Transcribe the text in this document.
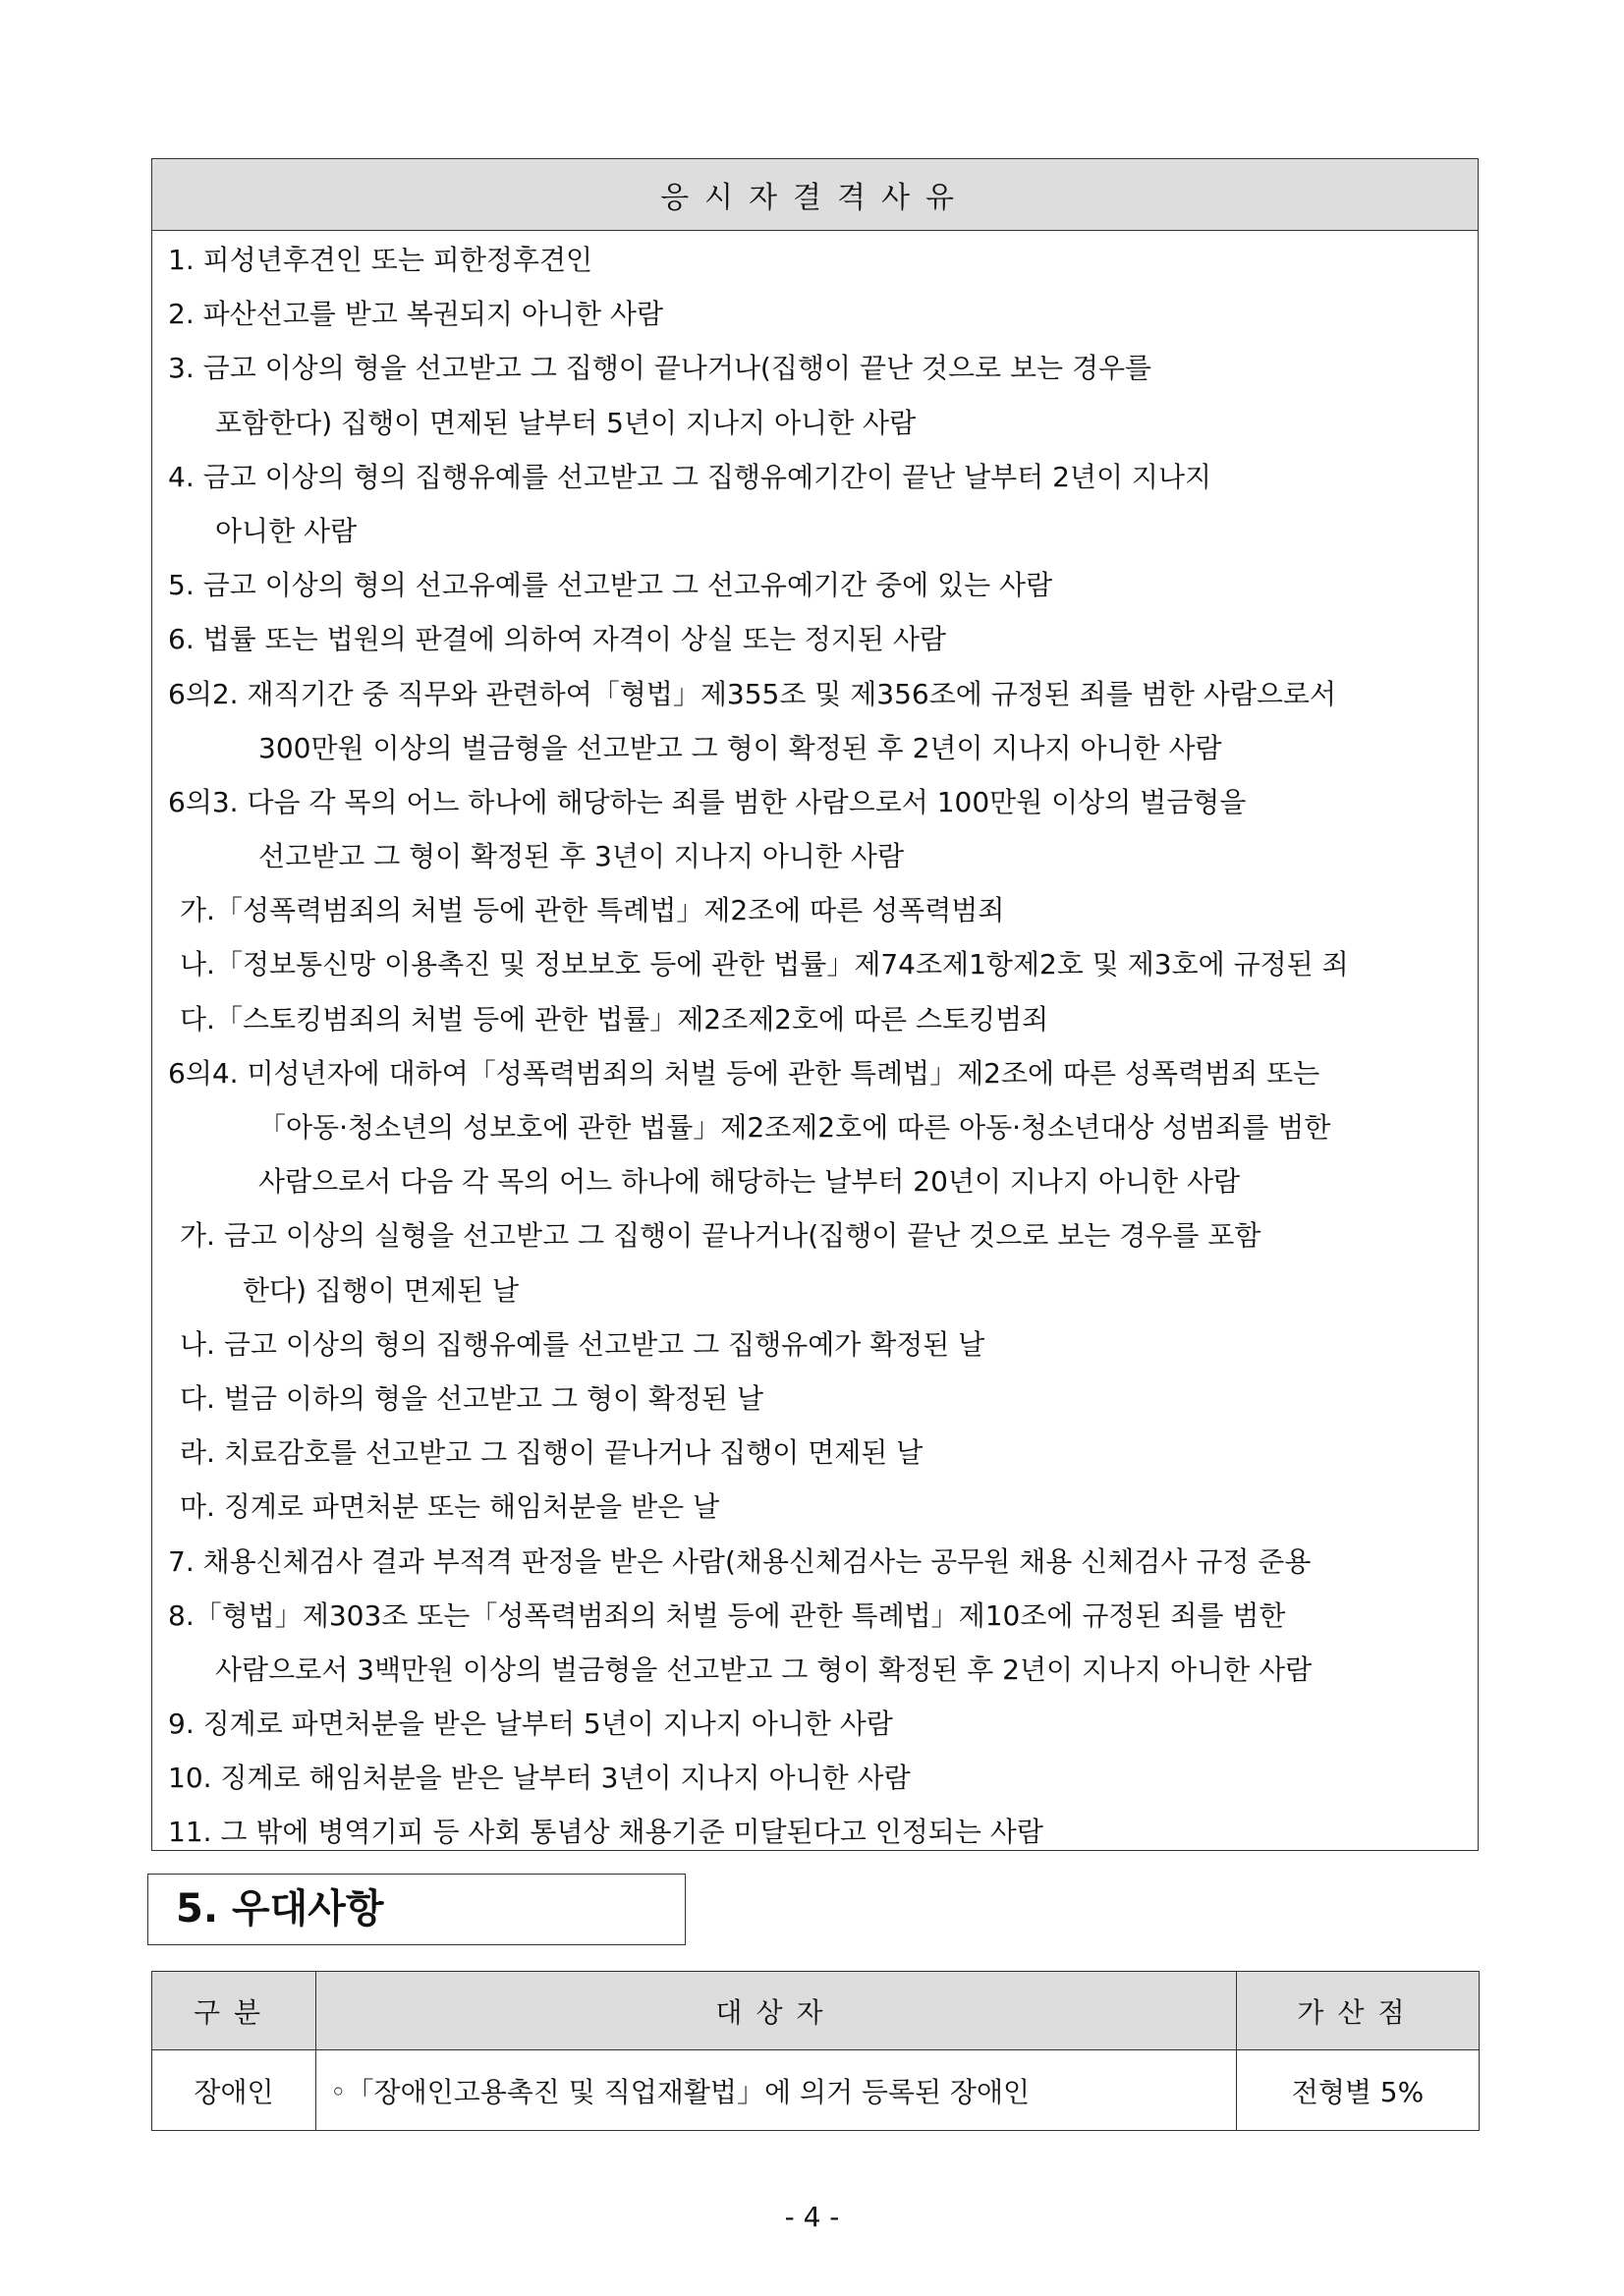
응시자결격사유
1. 피성년후견인 또는 피한정후견인
2. 파산선고를 받고 복권되지 아니한 사람
3. 금고 이상의 형을 선고받고 그 집행이 끝나거나(집행이 끝난 것으로 보는 경우를
포함한다) 집행이 면제된 날부터 5년이 지나지 아니한 사람
4. 금고 이상의 형의 집행유예를 선고받고 그 집행유예기간이 끝난 날부터 2년이 지나지
아니한 사람
5. 금고 이상의 형의 선고유예를 선고받고 그 선고유예기간 중에 있는 사람
6. 법률 또는 법원의 판결에 의하여 자격이 상실 또는 정지된 사람
6의2. 재직기간 중 직무와 관련하여「형법」제355조 및 제356조에 규정된 죄를 범한 사람으로서
300만원 이상의 벌금형을 선고받고 그 형이 확정된 후 2년이 지나지 아니한 사람
6의3. 다음 각 목의 어느 하나에 해당하는 죄를 범한 사람으로서 100만원 이상의 벌금형을
선고받고 그 형이 확정된 후 3년이 지나지 아니한 사람
가.「성폭력범죄의 처벌 등에 관한 특례법」제2조에 따른 성폭력범죄
나.「정보통신망 이용촉진 및 정보보호 등에 관한 법률」제74조제1항제2호 및 제3호에 규정된 죄
다.「스토킹범죄의 처벌 등에 관한 법률」제2조제2호에 따른 스토킹범죄
6의4. 미성년자에 대하여「성폭력범죄의 처벌 등에 관한 특례법」제2조에 따른 성폭력범죄 또는
「아동·청소년의 성보호에 관한 법률」제2조제2호에 따른 아동·청소년대상 성범죄를 범한
사람으로서 다음 각 목의 어느 하나에 해당하는 날부터 20년이 지나지 아니한 사람
가. 금고 이상의 실형을 선고받고 그 집행이 끝나거나(집행이 끝난 것으로 보는 경우를 포함
한다) 집행이 면제된 날
나. 금고 이상의 형의 집행유예를 선고받고 그 집행유예가 확정된 날
다. 벌금 이하의 형을 선고받고 그 형이 확정된 날
라. 치료감호를 선고받고 그 집행이 끝나거나 집행이 면제된 날
마. 징계로 파면처분 또는 해임처분을 받은 날
7. 채용신체검사 결과 부적격 판정을 받은 사람(채용신체검사는 공무원 채용 신체검사 규정 준용
8.「형법」제303조 또는「성폭력범죄의 처벌 등에 관한 특례법」제10조에 규정된 죄를 범한
사람으로서 3백만원 이상의 벌금형을 선고받고 그 형이 확정된 후 2년이 지나지 아니한 사람
9. 징계로 파면처분을 받은 날부터 5년이 지나지 아니한 사람
10. 징계로 해임처분을 받은 날부터 3년이 지나지 아니한 사람
11. 그 밖에 병역기피 등 사회 통념상 채용기준 미달된다고 인정되는 사람
5. 우대사항
구분	대상자	가산점
장애인	◦「장애인고용촉진 및 직업재활법」에 의거 등록된 장애인	전형별 5%
- 4 -
